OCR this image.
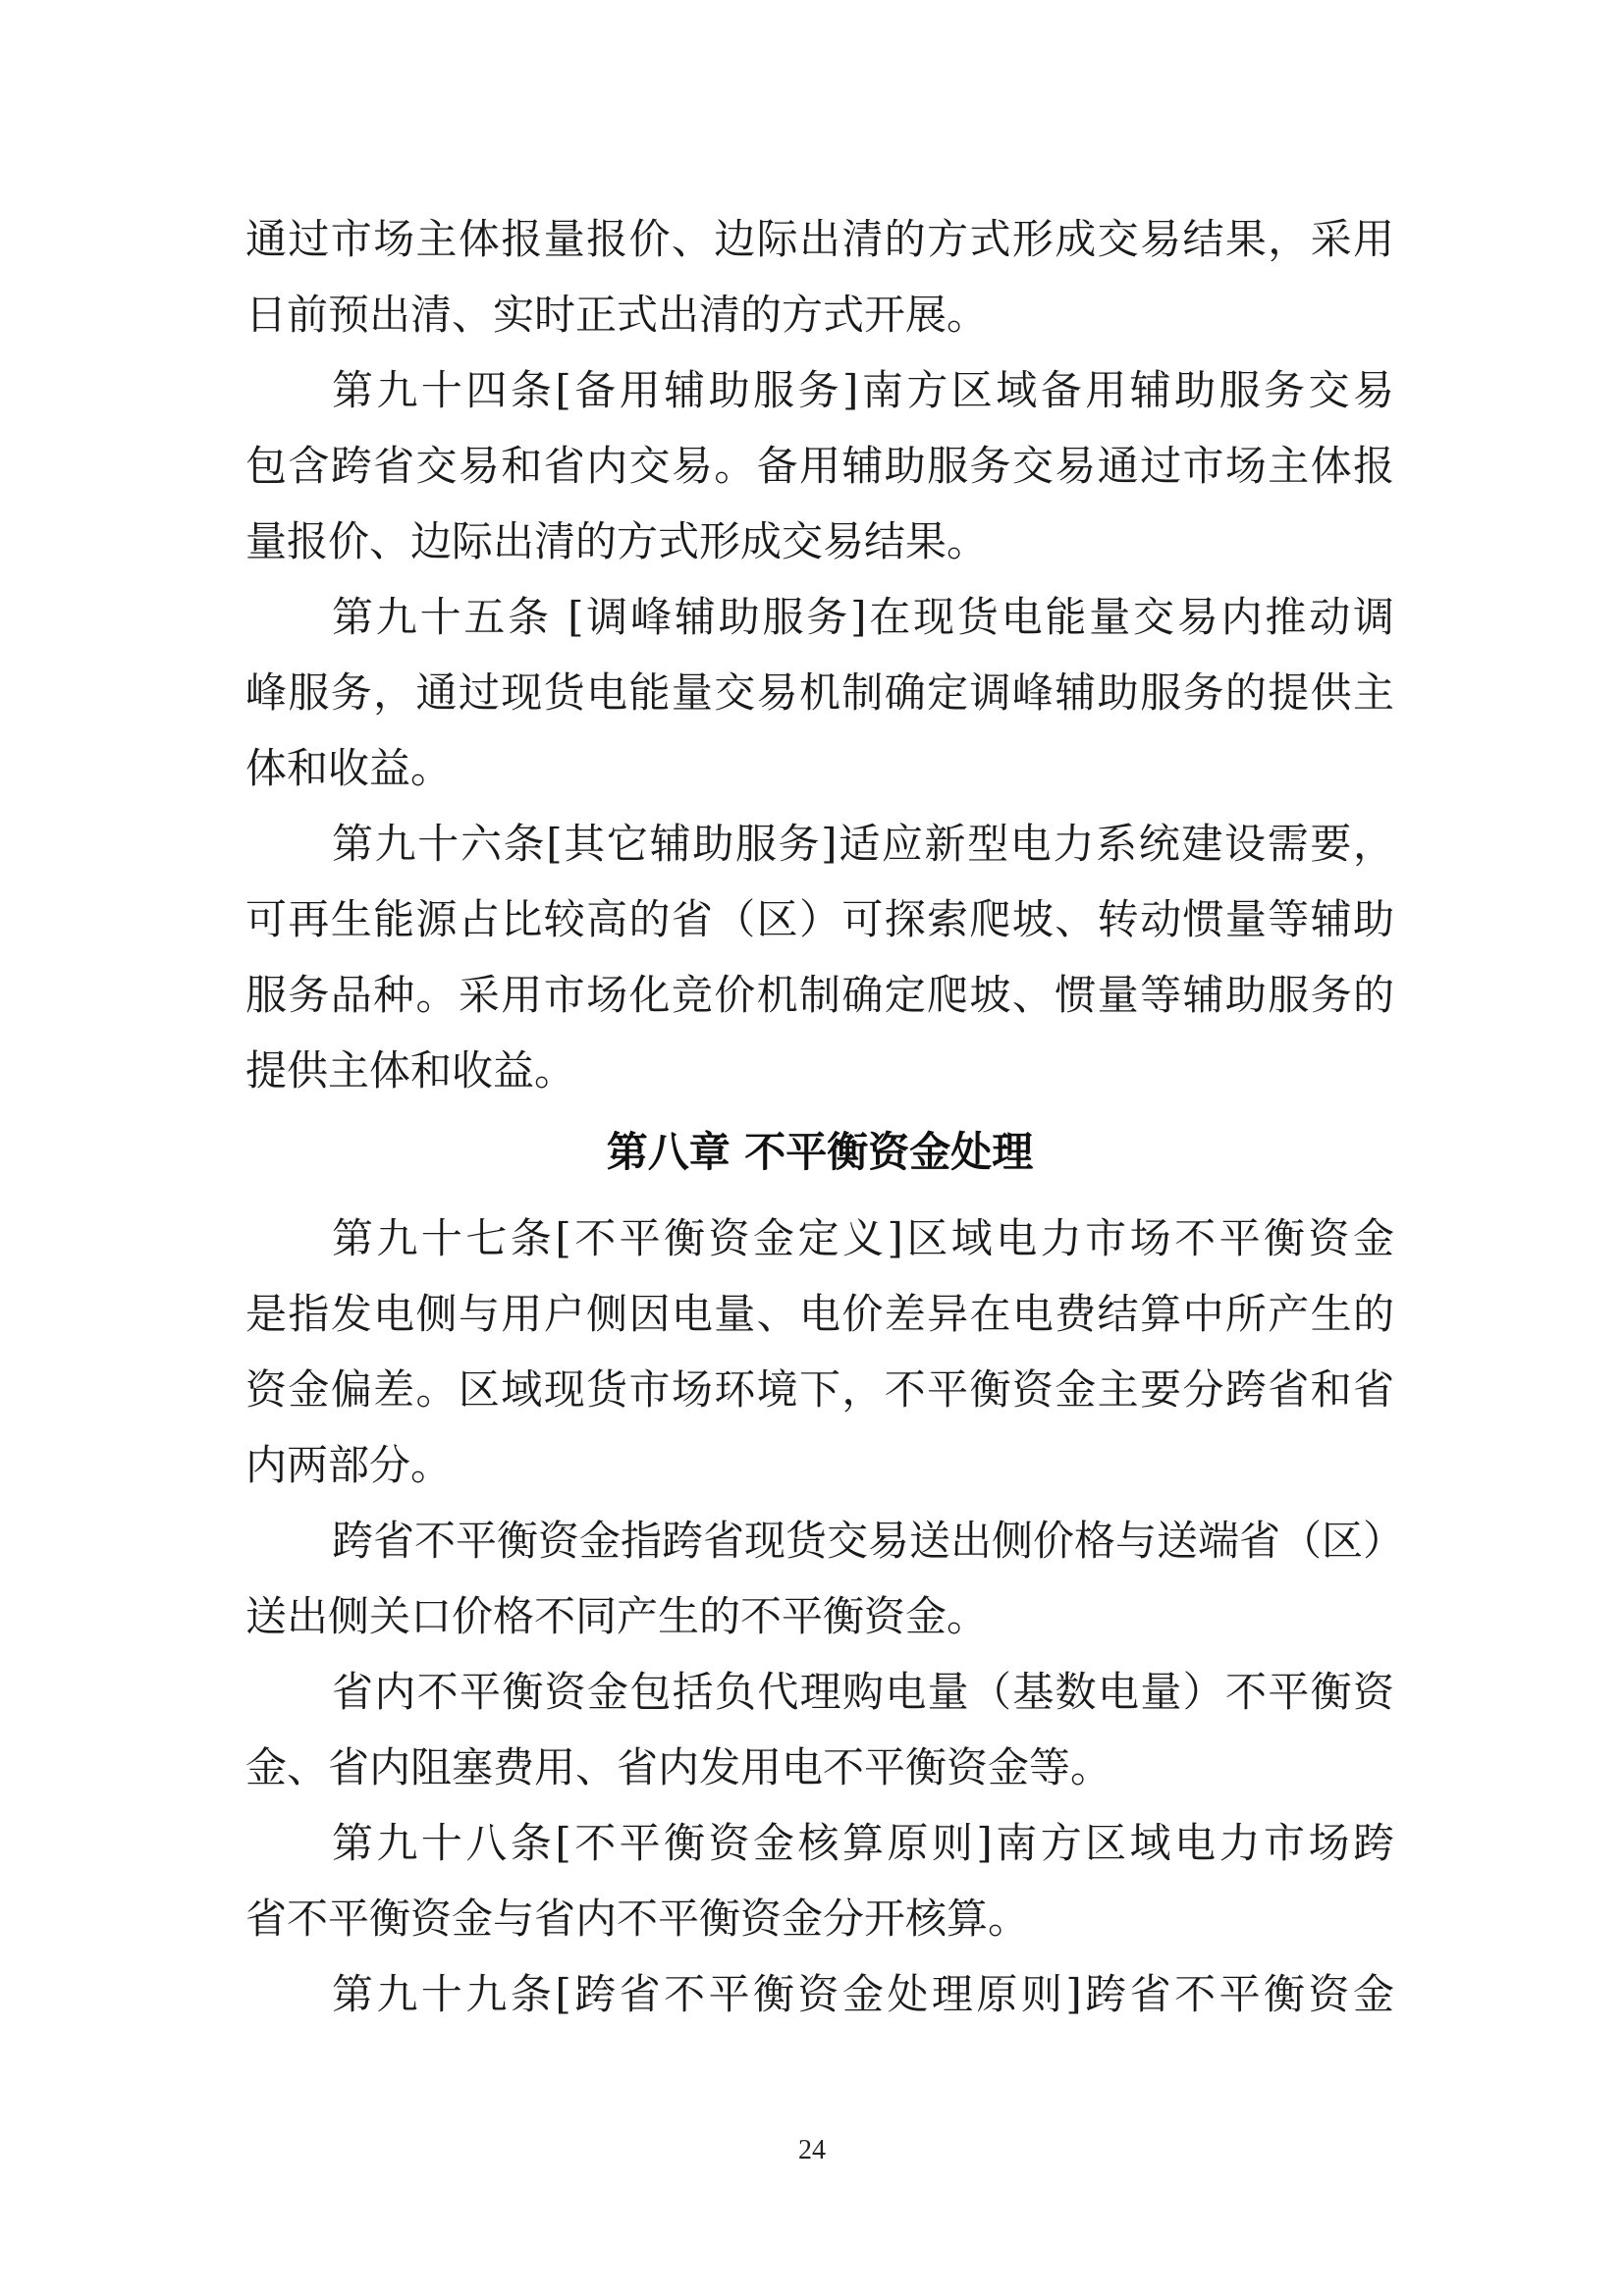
通过市场主体报量报价、边际出清的方式形成交易结果，采用
日前预出清、实时正式出清的方式开展。
第九十四条[备用辅助服务]南方区域备用辅助服务交易
包含跨省交易和省内交易。备用辅助服务交易通过市场主体报
量报价、边际出清的方式形成交易结果。
第九十五条 [调峰辅助服务]在现货电能量交易内推动调
峰服务，通过现货电能量交易机制确定调峰辅助服务的提供主
体和收益。
第九十六条[其它辅助服务]适应新型电力系统建设需要，
可再生能源占比较高的省（区）可探索爬坡、转动惯量等辅助
服务品种。采用市场化竞价机制确定爬坡、惯量等辅助服务的
提供主体和收益。
第八章 不平衡资金处理
第九十七条[不平衡资金定义]区域电力市场不平衡资金
是指发电侧与用户侧因电量、电价差异在电费结算中所产生的
资金偏差。区域现货市场环境下，不平衡资金主要分跨省和省
内两部分。
跨省不平衡资金指跨省现货交易送出侧价格与送端省（区）
送出侧关口价格不同产生的不平衡资金。
省内不平衡资金包括负代理购电量（基数电量）不平衡资
金、省内阻塞费用、省内发用电不平衡资金等。
第九十八条[不平衡资金核算原则]南方区域电力市场跨
省不平衡资金与省内不平衡资金分开核算。
第九十九条[跨省不平衡资金处理原则]跨省不平衡资金
24
